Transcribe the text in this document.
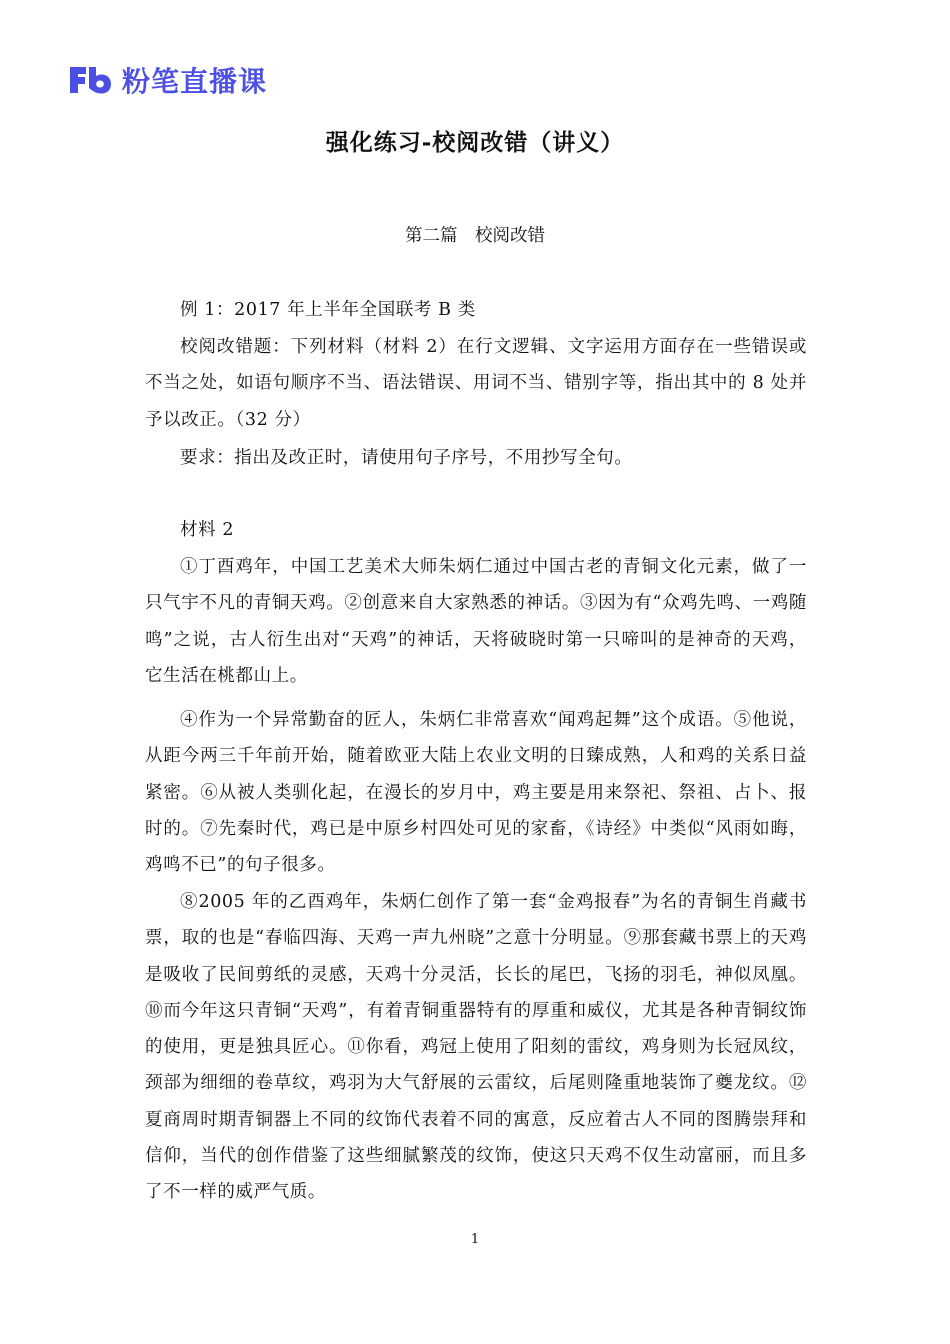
粉笔直播课
强化练习-校阅改错（讲义）
第二篇　校阅改错

例 1：2017 年上半年全国联考 B 类

校阅改错题：下列材料（材料 2）在行文逻辑、文字运用方面存在一些错误或不当之处，如语句顺序不当、语法错误、用词不当、错别字等，指出其中的 8 处并予以改正。（32 分）

要求：指出及改正时，请使用句子序号，不用抄写全句。

材料 2

①丁酉鸡年，中国工艺美术大师朱炳仁通过中国古老的青铜文化元素，做了一只气宇不凡的青铜天鸡。②创意来自大家熟悉的神话。③因为有“众鸡先鸣、一鸡随鸣”之说，古人衍生出对“天鸡”的神话，天将破晓时第一只啼叫的是神奇的天鸡，它生活在桃都山上。

④作为一个异常勤奋的匠人，朱炳仁非常喜欢“闻鸡起舞”这个成语。⑤他说，从距今两三千年前开始，随着欧亚大陆上农业文明的日臻成熟，人和鸡的关系日益紧密。⑥从被人类驯化起，在漫长的岁月中，鸡主要是用来祭祀、祭祖、占卜、报时的。⑦先秦时代，鸡已是中原乡村四处可见的家畜，《诗经》中类似“风雨如晦，鸡鸣不已”的句子很多。

⑧2005 年的乙酉鸡年，朱炳仁创作了第一套“金鸡报春”为名的青铜生肖藏书票，取的也是“春临四海、天鸡一声九州晓”之意十分明显。⑨那套藏书票上的天鸡是吸收了民间剪纸的灵感，天鸡十分灵活，长长的尾巴，飞扬的羽毛，神似凤凰。⑩而今年这只青铜“天鸡”，有着青铜重器特有的厚重和威仪，尤其是各种青铜纹饰的使用，更是独具匠心。⑪你看，鸡冠上使用了阳刻的雷纹，鸡身则为长冠凤纹，颈部为细细的卷草纹，鸡羽为大气舒展的云雷纹，后尾则隆重地装饰了夔龙纹。⑫夏商周时期青铜器上不同的纹饰代表着不同的寓意，反应着古人不同的图腾崇拜和信仰，当代的创作借鉴了这些细腻繁茂的纹饰，使这只天鸡不仅生动富丽，而且多了不一样的威严气质。

1
